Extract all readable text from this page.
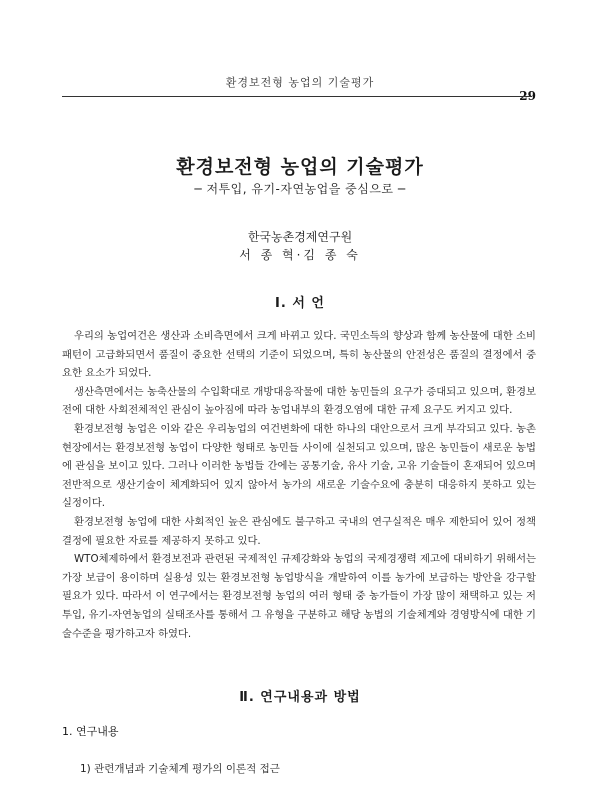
환경보전형 농업의 기술평가
29
환경보전형 농업의 기술평가
─ 저투입, 유기-자연농업을 중심으로 ─
한국농촌경제연구원
서 종 혁·김 종 숙
Ⅰ. 서 언

우리의 농업여건은 생산과 소비측면에서 크게 바뀌고 있다. 국민소득의 향상과 함께 농산물에 대한 소비패턴이 고급화되면서 품질이 중요한 선택의 기준이 되었으며, 특히 농산물의 안전성은 품질의 결정에서 중요한 요소가 되었다.

생산측면에서는 농축산물의 수입확대로 개방대응작물에 대한 농민들의 요구가 증대되고 있으며, 환경보전에 대한 사회전체적인 관심이 높아짐에 따라 농업내부의 환경오염에 대한 규제 요구도 커지고 있다.

환경보전형 농업은 이와 같은 우리농업의 여건변화에 대한 하나의 대안으로서 크게 부각되고 있다. 농촌현장에서는 환경보전형 농업이 다양한 형태로 농민들 사이에 실천되고 있으며, 많은 농민들이 새로운 농법에 관심을 보이고 있다. 그러나 이러한 농법들 간에는 공통기술, 유사 기술, 고유 기술들이 혼재되어 있으며 전반적으로 생산기술이 체계화되어 있지 않아서 농가의 새로운 기술수요에 충분히 대응하지 못하고 있는 실정이다.

환경보전형 농업에 대한 사회적인 높은 관심에도 불구하고 국내의 연구실적은 매우 제한되어 있어 정책결정에 필요한 자료를 제공하지 못하고 있다.

WTO체제하에서 환경보전과 관련된 국제적인 규제강화와 농업의 국제경쟁력 제고에 대비하기 위해서는 가장 보급이 용이하며 실용성 있는 환경보전형 농업방식을 개발하여 이를 농가에 보급하는 방안을 강구할 필요가 있다. 따라서 이 연구에서는 환경보전형 농업의 여러 형태 중 농가들이 가장 많이 채택하고 있는 저투입, 유기-자연농업의 실태조사를 통해서 그 유형을 구분하고 해당 농법의 기술체계와 경영방식에 대한 기술수준을 평가하고자 하였다.

Ⅱ. 연구내용과 방법
1. 연구내용
1) 관련개념과 기술체계 평가의 이론적 접근
